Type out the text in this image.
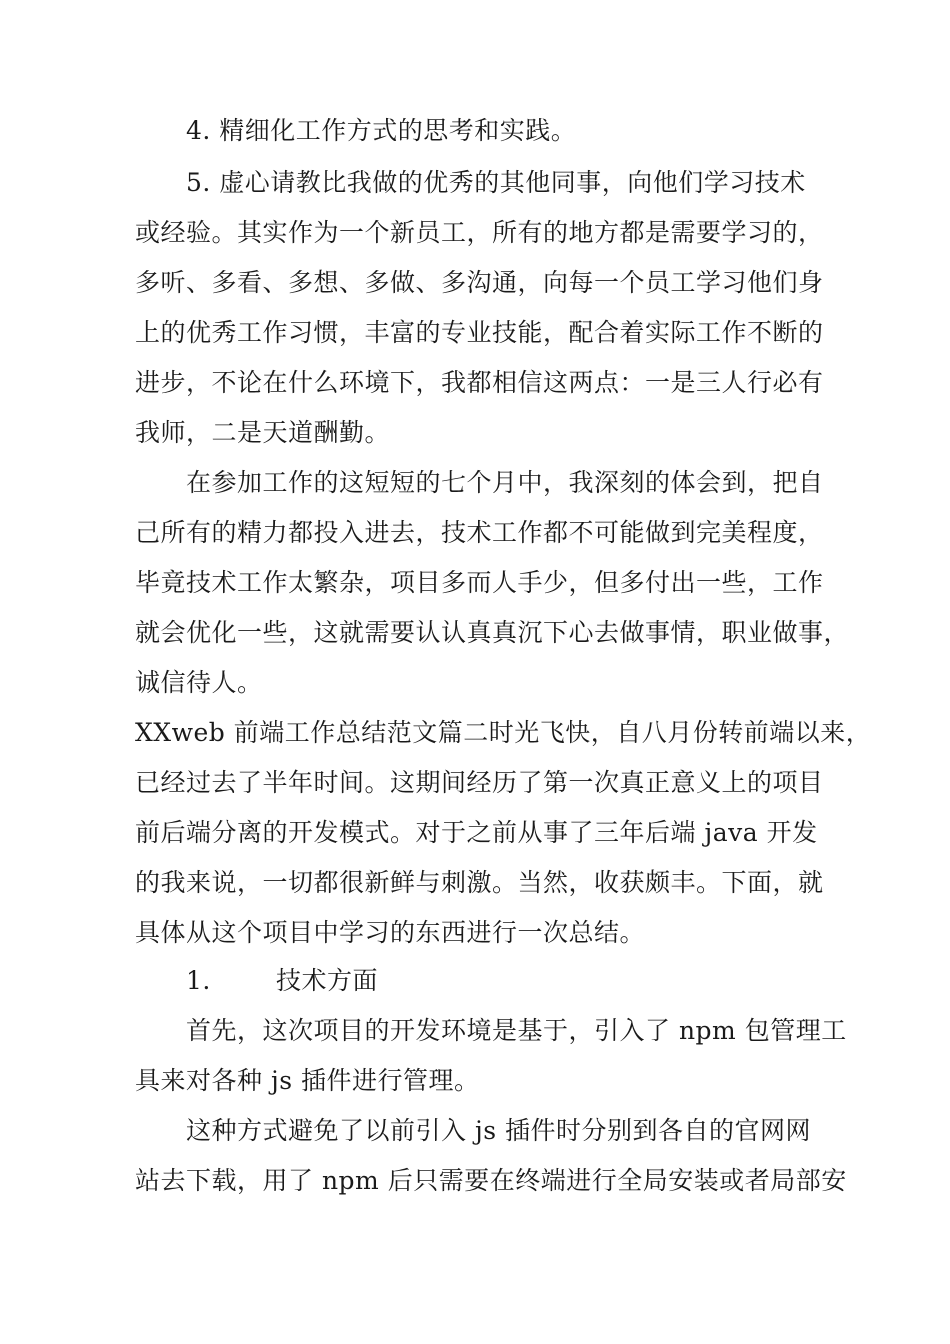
4. 精细化工作方式的思考和实践。
5. 虚心请教比我做的优秀的其他同事，向他们学习技术
或经验。其实作为一个新员工，所有的地方都是需要学习的，
多听、多看、多想、多做、多沟通，向每一个员工学习他们身
上的优秀工作习惯，丰富的专业技能，配合着实际工作不断的
进步，不论在什么环境下，我都相信这两点：一是三人行必有
我师，二是天道酬勤。
在参加工作的这短短的七个月中，我深刻的体会到，把自
己所有的精力都投入进去，技术工作都不可能做到完美程度，
毕竟技术工作太繁杂，项目多而人手少，但多付出一些，工作
就会优化一些，这就需要认认真真沉下心去做事情，职业做事，
诚信待人。
XXweb 前端工作总结范文篇二时光飞快，自八月份转前端以来，
已经过去了半年时间。这期间经历了第一次真正意义上的项目
前后端分离的开发模式。对于之前从事了三年后端 java 开发
的我来说，一切都很新鲜与刺激。当然，收获颇丰。下面，就
具体从这个项目中学习的东西进行一次总结。
1.	技术方面
首先，这次项目的开发环境是基于，引入了 npm 包管理工
具来对各种 js 插件进行管理。
这种方式避免了以前引入 js 插件时分别到各自的官网网
站去下载，用了 npm 后只需要在终端进行全局安装或者局部安
